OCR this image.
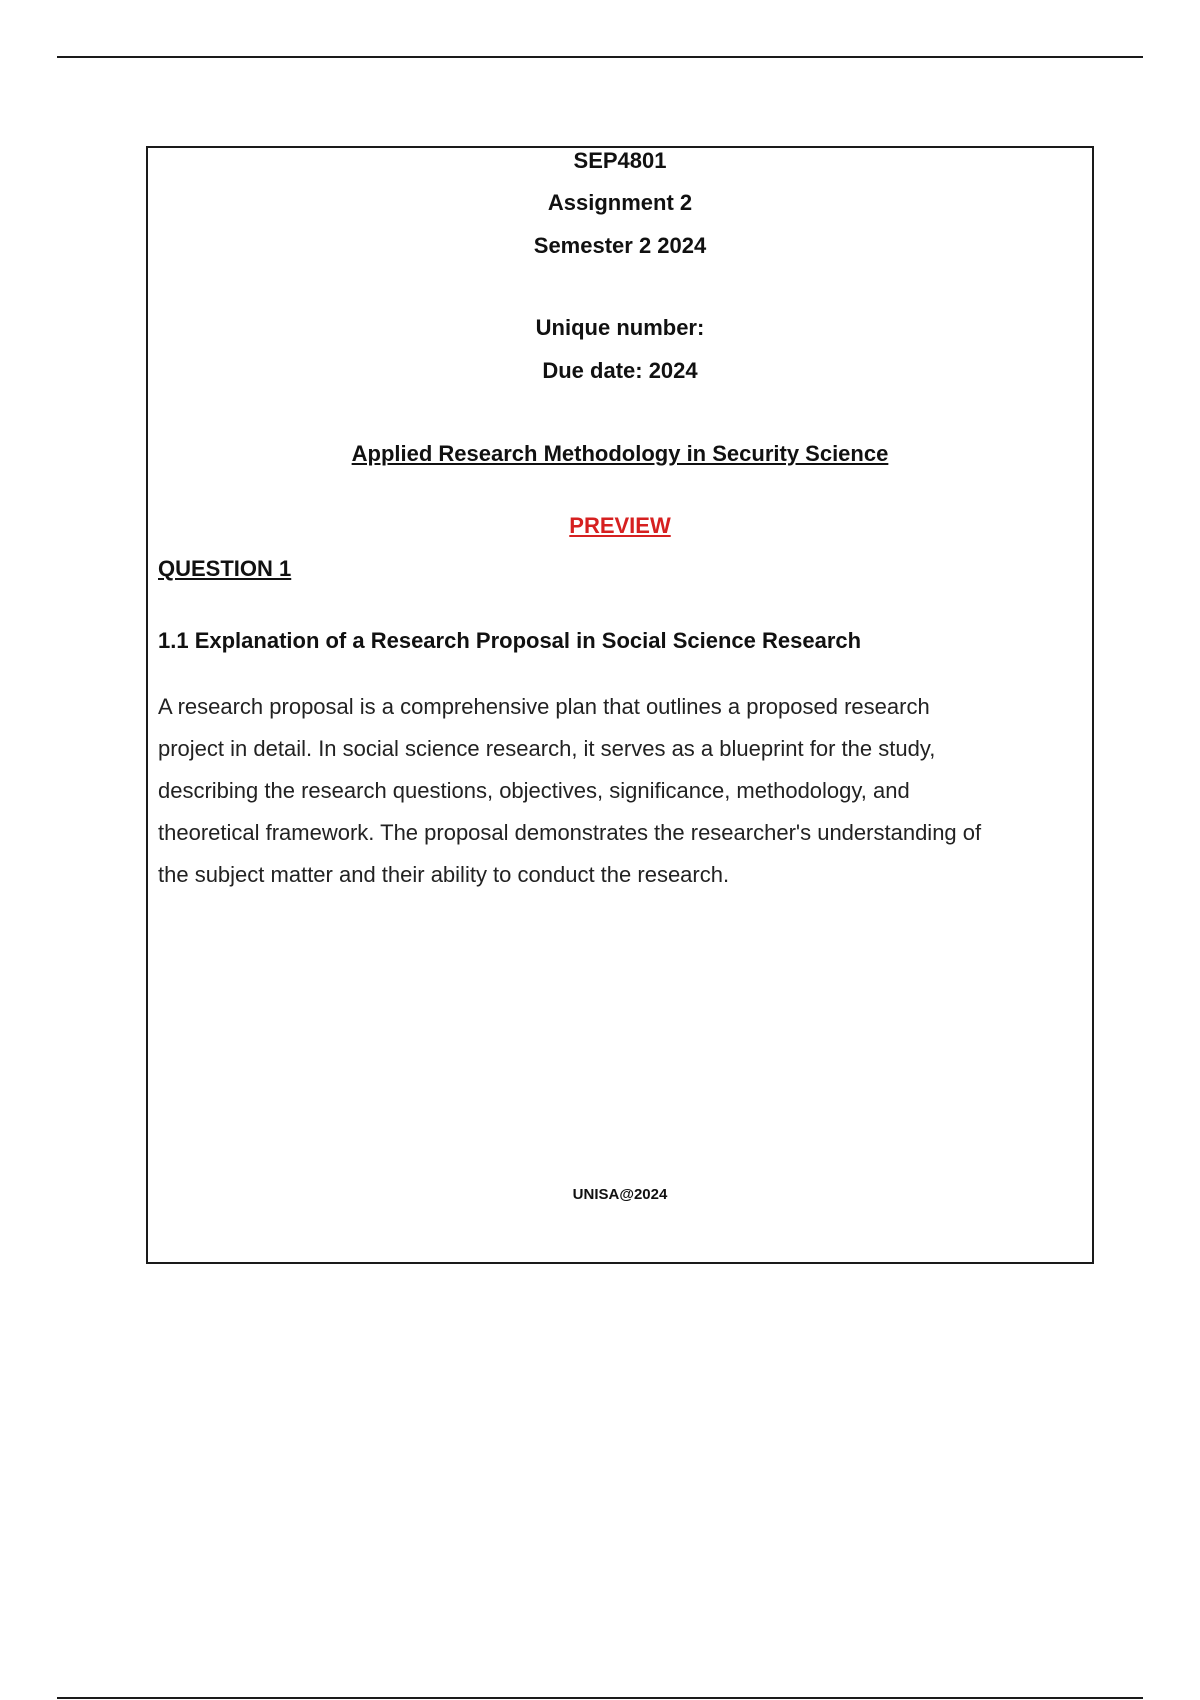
SEP4801
Assignment 2
Semester 2 2024
Unique number:
Due date: 2024
Applied Research Methodology in Security Science
PREVIEW
QUESTION 1
1.1 Explanation of a Research Proposal in Social Science Research
A research proposal is a comprehensive plan that outlines a proposed research
project in detail. In social science research, it serves as a blueprint for the study,
describing the research questions, objectives, significance, methodology, and
theoretical framework. The proposal demonstrates the researcher's understanding of
the subject matter and their ability to conduct the research.
UNISA@2024
